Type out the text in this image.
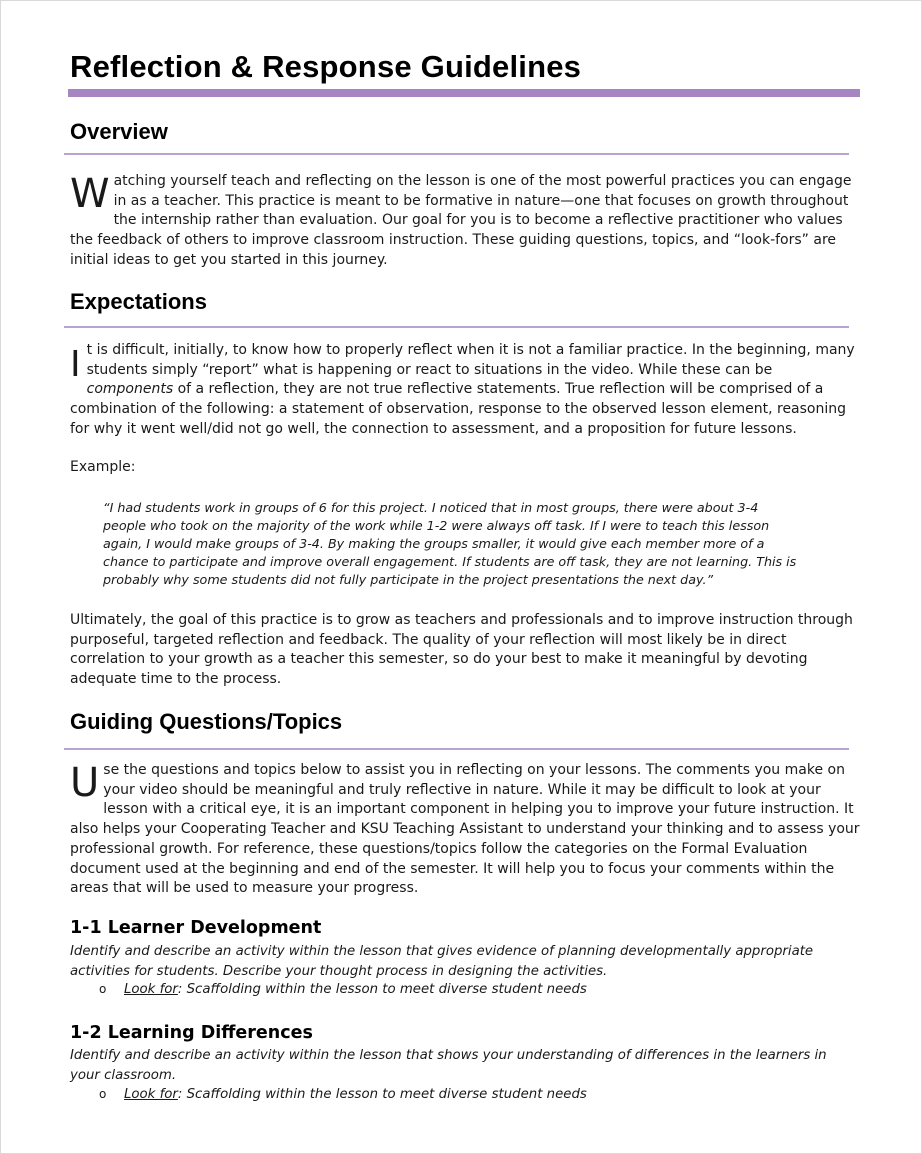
Reflection & Response Guidelines
Overview

Watching yourself teach and reflecting on the lesson is one of the most powerful practices you can engage in as a teacher. This practice is meant to be formative in nature—one that focuses on growth throughout the internship rather than evaluation. Our goal for you is to become a reflective practitioner who values the feedback of others to improve classroom instruction. These guiding questions, topics, and “look-fors” are initial ideas to get you started in this journey.

Expectations

It is difficult, initially, to know how to properly reflect when it is not a familiar practice. In the beginning, many students simply “report” what is happening or react to situations in the video. While these can be components of a reflection, they are not true reflective statements. True reflection will be comprised of a combination of the following: a statement of observation, response to the observed lesson element, reasoning for why it went well/did not go well, the connection to assessment, and a proposition for future lessons.

Example:

“I had students work in groups of 6 for this project. I noticed that in most groups, there were about 3-4 people who took on the majority of the work while 1-2 were always off task. If I were to teach this lesson again, I would make groups of 3-4. By making the groups smaller, it would give each member more of a chance to participate and improve overall engagement. If students are off task, they are not learning. This is probably why some students did not fully participate in the project presentations the next day.”

Ultimately, the goal of this practice is to grow as teachers and professionals and to improve instruction through purposeful, targeted reflection and feedback. The quality of your reflection will most likely be in direct correlation to your growth as a teacher this semester, so do your best to make it meaningful by devoting adequate time to the process.

Guiding Questions/Topics

Use the questions and topics below to assist you in reflecting on your lessons. The comments you make on your video should be meaningful and truly reflective in nature. While it may be difficult to look at your lesson with a critical eye, it is an important component in helping you to improve your future instruction. It also helps your Cooperating Teacher and KSU Teaching Assistant to understand your thinking and to assess your professional growth. For reference, these questions/topics follow the categories on the Formal Evaluation document used at the beginning and end of the semester. It will help you to focus your comments within the areas that will be used to measure your progress.

1-1 Learner Development

Identify and describe an activity within the lesson that gives evidence of planning developmentally appropriate activities for students. Describe your thought process in designing the activities.

o Look for: Scaffolding within the lesson to meet diverse student needs

1-2 Learning Differences

Identify and describe an activity within the lesson that shows your understanding of differences in the learners in your classroom.

o Look for: Scaffolding within the lesson to meet diverse student needs
